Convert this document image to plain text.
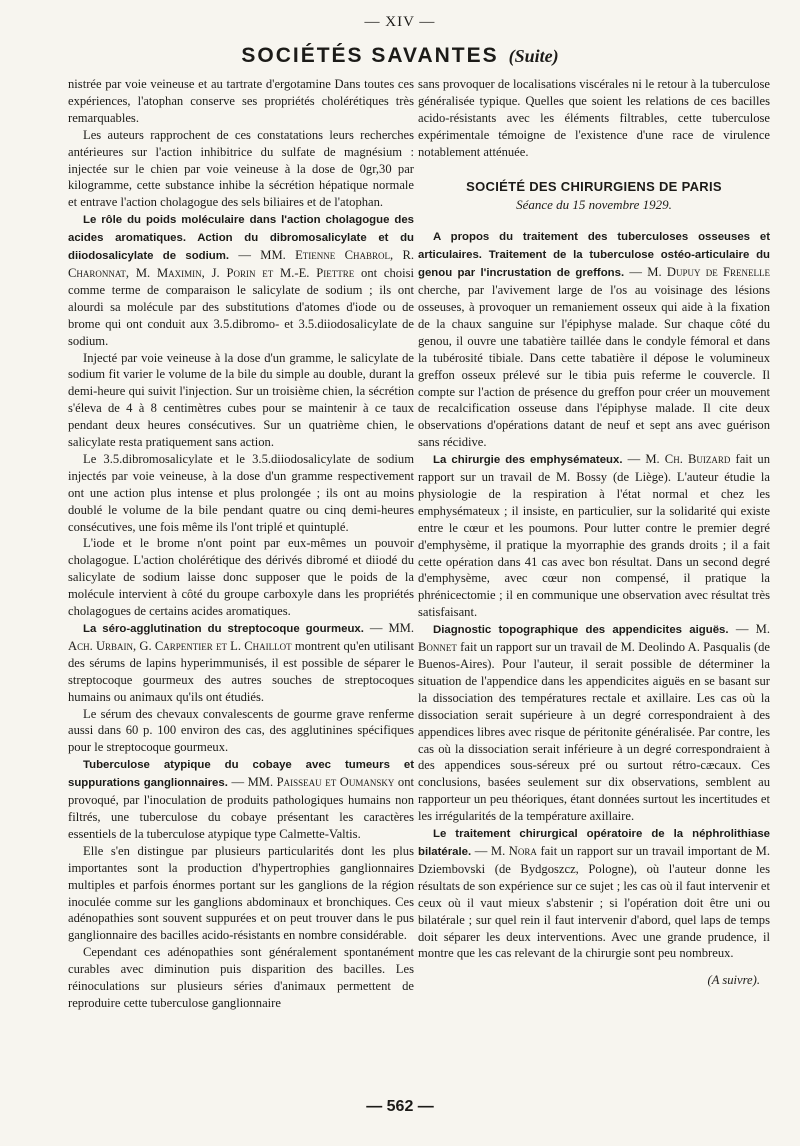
— XIV —
SOCIÉTÉS SAVANTES (Suite)

nistrée par voie veineuse et au tartrate d'ergotamine Dans toutes ces expériences, l'atophan conserve ses propriétés cholérétiques très remarquables.

Les auteurs rapprochent de ces constatations leurs recherches antérieures sur l'action inhibitrice du sulfate de magnésium : injectée sur le chien par voie veineuse à la dose de 0gr,30 par kilogramme, cette substance inhibe la sécrétion hépatique normale et entrave l'action cholagogue des sels biliaires et de l'atophan.

Le rôle du poids moléculaire dans l'action cholagogue des acides aromatiques. Action du dibromosalicylate et du diiodosalicylate de sodium. — MM. Etienne Chabrol, R. Charonnat, M. Maximin, J. Porin et M.-E. Piettre ont choisi comme terme de comparaison le salicylate de sodium ; ils ont alourdi sa molécule par des substitutions d'atomes d'iode ou de brome qui ont conduit aux 3.5.dibromo- et 3.5.diiodosalicylate de sodium.

Injecté par voie veineuse à la dose d'un gramme, le salicylate de sodium fit varier le volume de la bile du simple au double, durant la demi-heure qui suivit l'injection. Sur un troisième chien, la sécrétion s'éleva de 4 à 8 centimètres cubes pour se maintenir à ce taux pendant deux heures consécutives. Sur un quatrième chien, le salicylate resta pratiquement sans action.

Le 3.5.dibromosalicylate et le 3.5.diiodosalicylate de sodium injectés par voie veineuse, à la dose d'un gramme respectivement ont une action plus intense et plus prolongée ; ils ont au moins doublé le volume de la bile pendant quatre ou cinq demi-heures consécutives, une fois même ils l'ont triplé et quintuplé.

L'iode et le brome n'ont point par eux-mêmes un pouvoir cholagogue. L'action cholérétique des dérivés dibromé et diiodé du salicylate de sodium laisse donc supposer que le poids de la molécule intervient à côté du groupe carboxyle dans les propriétés cholagogues de certains acides aromatiques.

La séro-agglutination du streptocoque gourmeux. — MM. Ach. Urbain, G. Carpentier et L. Chaillot montrent qu'en utilisant des sérums de lapins hyperimmunisés, il est possible de séparer le streptocoque gourmeux des autres souches de streptocoques humains ou animaux qu'ils ont étudiés.

Le sérum des chevaux convalescents de gourme grave renferme aussi dans 60 p. 100 environ des cas, des agglutinines spécifiques pour le streptocoque gourmeux.

Tuberculose atypique du cobaye avec tumeurs et suppurations ganglionnaires. — MM. Paisseau et Oumansky ont provoqué, par l'inoculation de produits pathologiques humains non filtrés, une tuberculose du cobaye présentant les caractères essentiels de la tuberculose atypique type Calmette-Valtis.

Elle s'en distingue par plusieurs particularités dont les plus importantes sont la production d'hypertrophies ganglionnaires multiples et parfois énormes portant sur les ganglions de la région inoculée comme sur les ganglions abdominaux et bronchiques. Ces adénopathies sont souvent suppurées et on peut trouver dans le pus ganglionnaire des bacilles acido-résistants en nombre considérable.

Cependant ces adénopathies sont généralement spontanément curables avec diminution puis disparition des bacilles. Les réinoculations sur plusieurs séries d'animaux permettent de reproduire cette tuberculose ganglionnaire

sans provoquer de localisations viscérales ni le retour à la tuberculose généralisée typique. Quelles que soient les relations de ces bacilles acido-résistants avec les éléments filtrables, cette tuberculose expérimentale témoigne de l'existence d'une race de virulence notablement atténuée.

SOCIÉTÉ DES CHIRURGIENS DE PARIS
Séance du 15 novembre 1929.

A propos du traitement des tuberculoses osseuses et articulaires. Traitement de la tuberculose ostéo-articulaire du genou par l'incrustation de greffons. — M. Dupuy de Frenelle cherche, par l'avivement large de l'os au voisinage des lésions osseuses, à provoquer un remaniement osseux qui aide à la fixation de la chaux sanguine sur l'épiphyse malade. Sur chaque côté du genou, il ouvre une tabatière taillée dans le condyle fémoral et dans la tubérosité tibiale. Dans cette tabatière il dépose le volumineux greffon osseux prélevé sur le tibia puis referme le couvercle. Il compte sur l'action de présence du greffon pour créer un mouvement de recalcification osseuse dans l'épiphyse malade. Il cite deux observations d'opérations datant de neuf et sept ans avec guérison sans récidive.

La chirurgie des emphysémateux. — M. Ch. Buizard fait un rapport sur un travail de M. Bossy (de Liège). L'auteur étudie la physiologie de la respiration à l'état normal et chez les emphysémateux ; il insiste, en particulier, sur la solidarité qui existe entre le cœur et les poumons. Pour lutter contre le premier degré d'emphysème, il pratique la myorraphie des grands droits ; il a fait cette opération dans 41 cas avec bon résultat. Dans un second degré d'emphysème, avec cœur non compensé, il pratique la phrénicectomie ; il en communique une observation avec résultat très satisfaisant.

Diagnostic topographique des appendicites aiguës. — M. Bonnet fait un rapport sur un travail de M. Deolindo A. Pasqualis (de Buenos-Aires). Pour l'auteur, il serait possible de déterminer la situation de l'appendice dans les appendicites aiguës en se basant sur la dissociation des températures rectale et axillaire. Les cas où la dissociation serait supérieure à un degré correspondraient à des appendices libres avec risque de péritonite généralisée. Par contre, les cas où la dissociation serait inférieure à un degré correspondraient à des appendices sous-séreux pré ou surtout rétro-cæcaux. Ces conclusions, basées seulement sur dix observations, semblent au rapporteur un peu théoriques, étant données surtout les incertitudes et les irrégularités de la température axillaire.

Le traitement chirurgical opératoire de la néphrolithiase bilatérale. — M. Nora fait un rapport sur un travail important de M. Dziembovski (de Bydgoszcz, Pologne), où l'auteur donne les résultats de son expérience sur ce sujet ; les cas où il faut intervenir et ceux où il vaut mieux s'abstenir ; si l'opération doit être uni ou bilatérale ; sur quel rein il faut intervenir d'abord, quel laps de temps doit séparer les deux interventions. Avec une grande prudence, il montre que les cas relevant de la chirurgie sont peu nombreux.

(A suivre).
— 562 —
